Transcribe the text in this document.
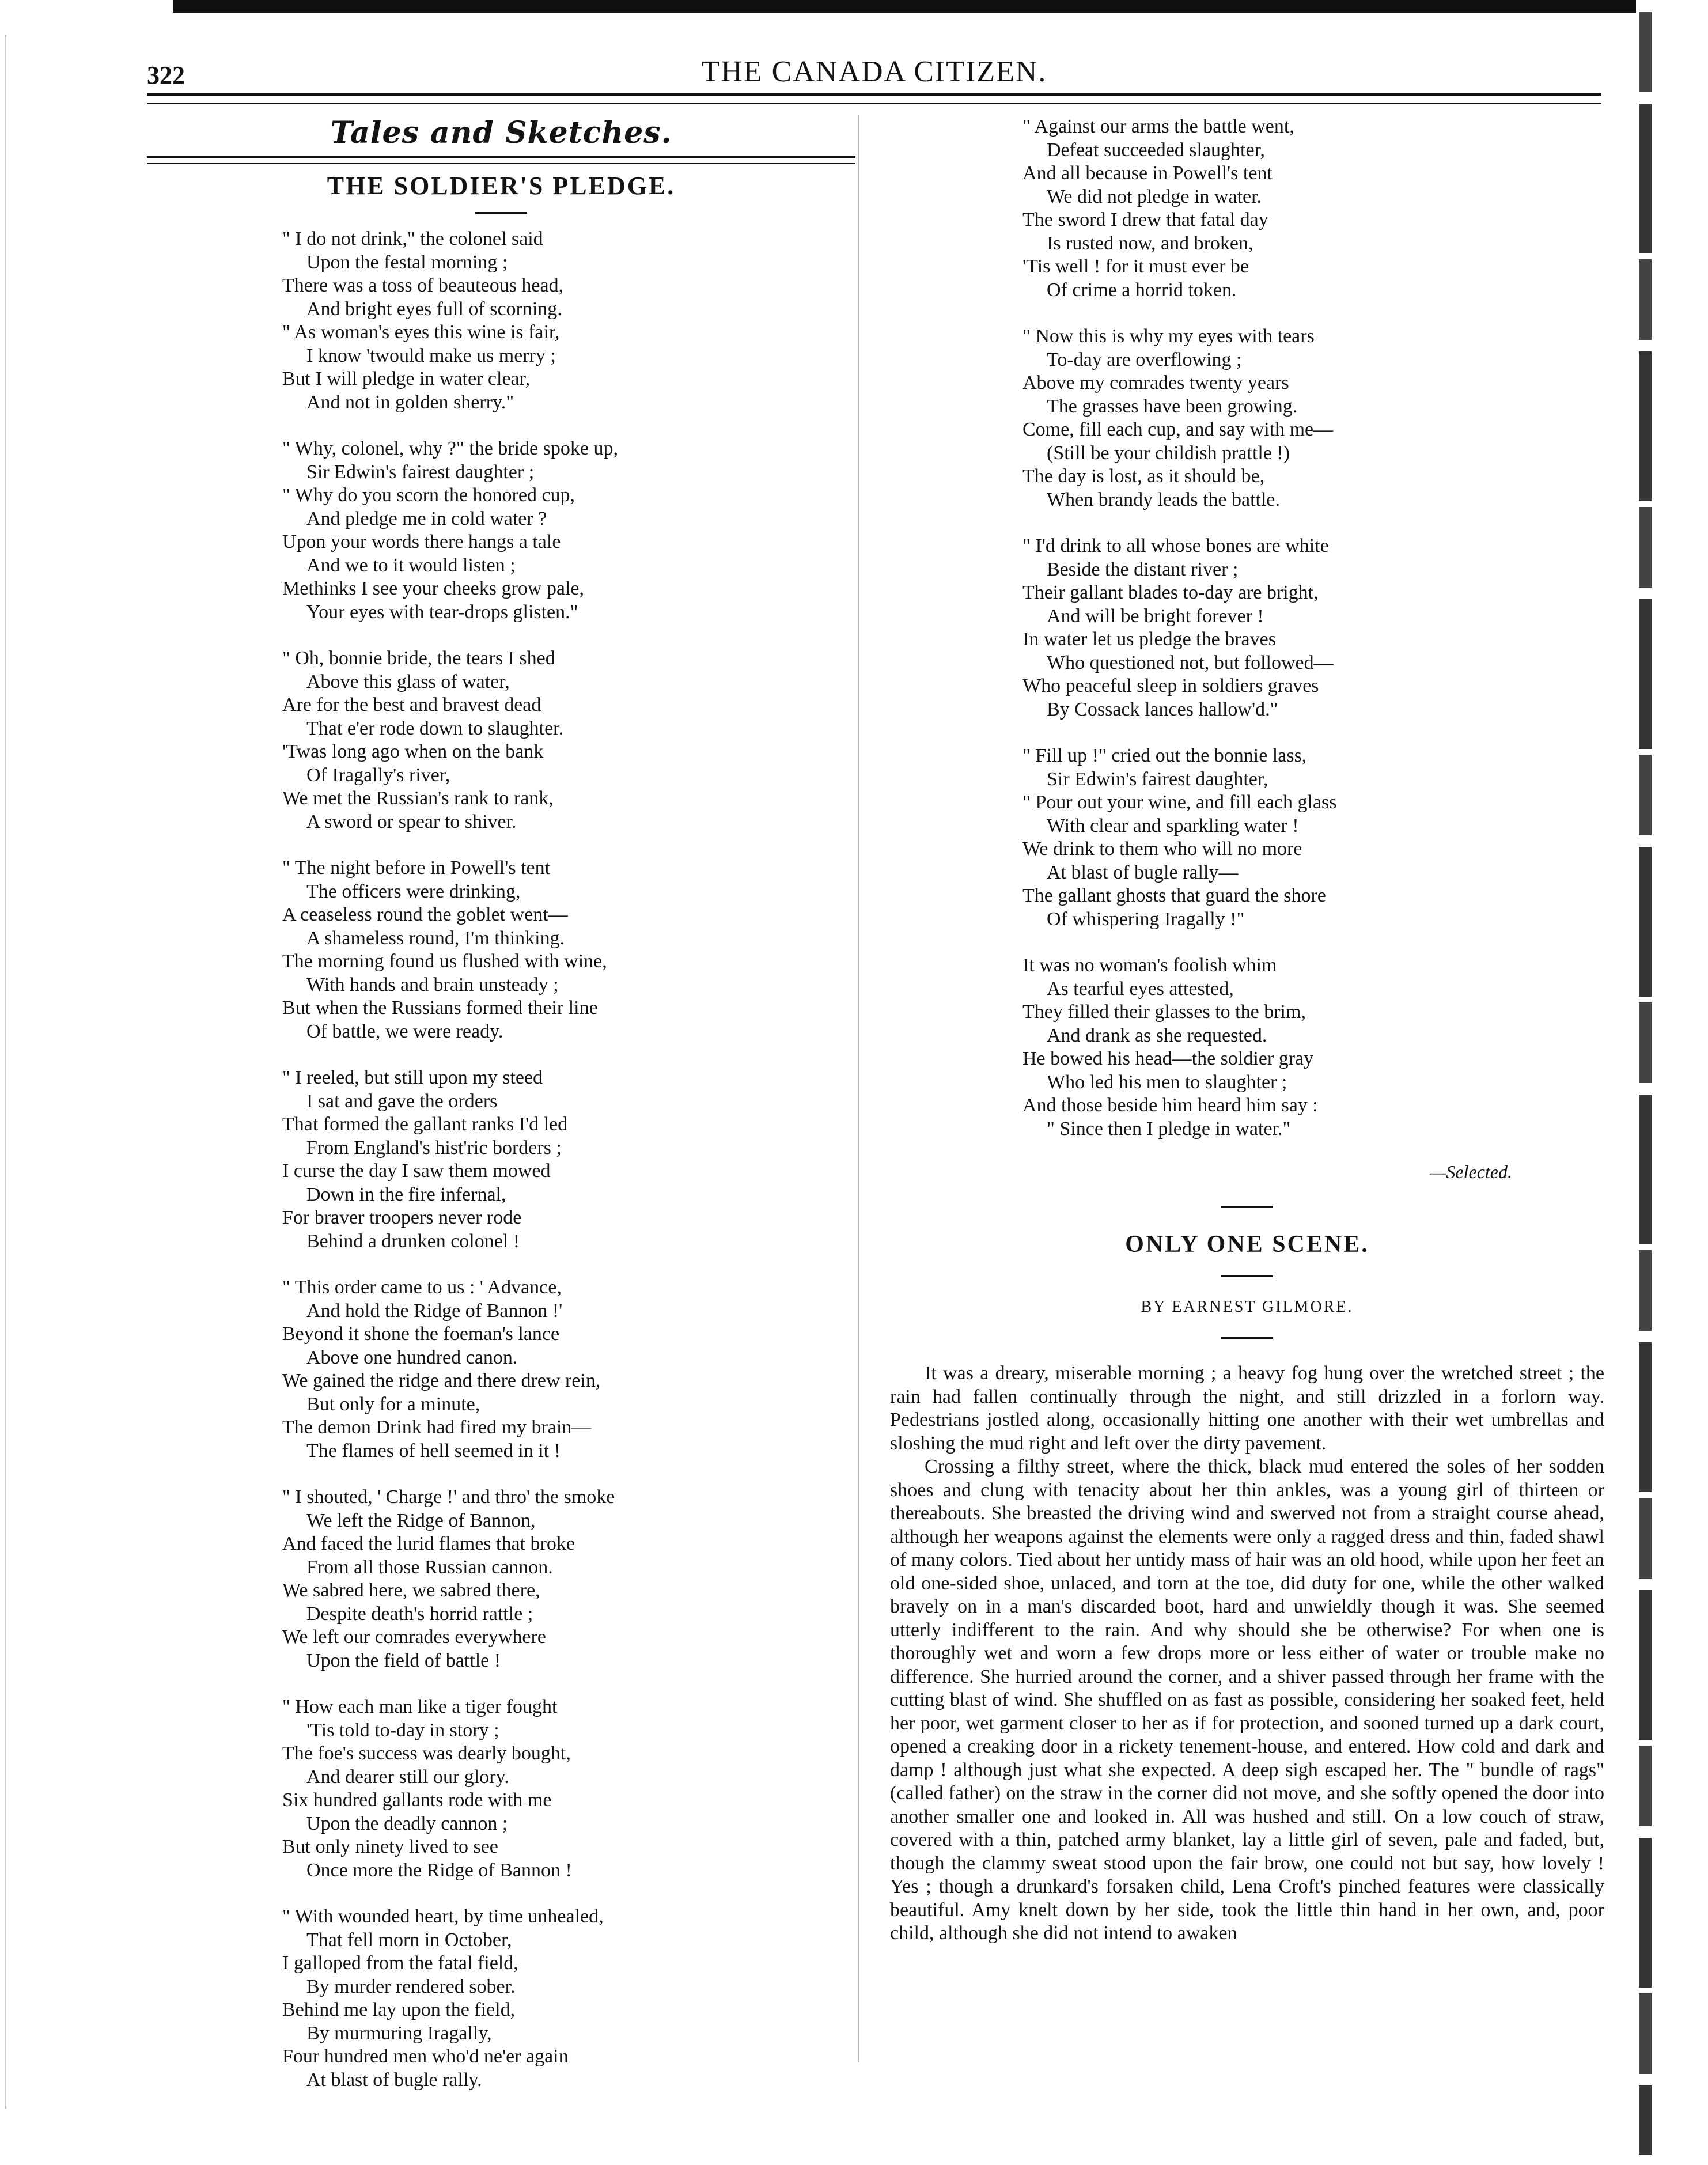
322	THE CANADA CITIZEN.
Tales and Sketches.
THE SOLDIER'S PLEDGE.
" I do not drink," the colonel said
Upon the festal morning ;
There was a toss of beauteous head,
And bright eyes full of scorning.
" As woman's eyes this wine is fair,
I know 'twould make us merry ;
But I will pledge in water clear,
And not in golden sherry."
" Why, colonel, why ?" the bride spoke up,
Sir Edwin's fairest daughter ;
" Why do you scorn the honored cup,
And pledge me in cold water ?
Upon your words there hangs a tale
And we to it would listen ;
Methinks I see your cheeks grow pale,
Your eyes with tear-drops glisten."
" Oh, bonnie bride, the tears I shed
Above this glass of water,
Are for the best and bravest dead
That e'er rode down to slaughter.
'Twas long ago when on the bank
Of Iragally's river,
We met the Russian's rank to rank,
A sword or spear to shiver.
" The night before in Powell's tent
The officers were drinking,
A ceaseless round the goblet went—
A shameless round, I'm thinking.
The morning found us flushed with wine,
With hands and brain unsteady ;
But when the Russians formed their line
Of battle, we were ready.
" I reeled, but still upon my steed
I sat and gave the orders
That formed the gallant ranks I'd led
From England's hist'ric borders ;
I curse the day I saw them mowed
Down in the fire infernal,
For braver troopers never rode
Behind a drunken colonel !
" This order came to us : ' Advance,
And hold the Ridge of Bannon !'
Beyond it shone the foeman's lance
Above one hundred canon.
We gained the ridge and there drew rein,
But only for a minute,
The demon Drink had fired my brain—
The flames of hell seemed in it !
" I shouted, ' Charge !' and thro' the smoke
We left the Ridge of Bannon,
And faced the lurid flames that broke
From all those Russian cannon.
We sabred here, we sabred there,
Despite death's horrid rattle ;
We left our comrades everywhere
Upon the field of battle !
" How each man like a tiger fought
'Tis told to-day in story ;
The foe's success was dearly bought,
And dearer still our glory.
Six hundred gallants rode with me
Upon the deadly cannon ;
But only ninety lived to see
Once more the Ridge of Bannon !
" With wounded heart, by time unhealed,
That fell morn in October,
I galloped from the fatal field,
By murder rendered sober.
Behind me lay upon the field,
By murmuring Iragally,
Four hundred men who'd ne'er again
At blast of bugle rally.
" Against our arms the battle went,
Defeat succeeded slaughter,
And all because in Powell's tent
We did not pledge in water.
The sword I drew that fatal day
Is rusted now, and broken,
'Tis well ! for it must ever be
Of crime a horrid token.
" Now this is why my eyes with tears
To-day are overflowing ;
Above my comrades twenty years
The grasses have been growing.
Come, fill each cup, and say with me—
(Still be your childish prattle !)
The day is lost, as it should be,
When brandy leads the battle.
" I'd drink to all whose bones are white
Beside the distant river ;
Their gallant blades to-day are bright,
And will be bright forever !
In water let us pledge the braves
Who questioned not, but followed—
Who peaceful sleep in soldiers graves
By Cossack lances hallow'd."
" Fill up !" cried out the bonnie lass,
Sir Edwin's fairest daughter,
" Pour out your wine, and fill each glass
With clear and sparkling water !
We drink to them who will no more
At blast of bugle rally—
The gallant ghosts that guard the shore
Of whispering Iragally !"
It was no woman's foolish whim
As tearful eyes attested,
They filled their glasses to the brim,
And drank as she requested.
He bowed his head—the soldier gray
Who led his men to slaughter ;
And those beside him heard him say :
" Since then I pledge in water."
—Selected.
ONLY ONE SCENE.

BY EARNEST GILMORE.

It was a dreary, miserable morning ; a heavy fog hung over the wretched street ; the rain had fallen continually through the night, and still drizzled in a forlorn way. Pedestrians jostled along, occasionally hitting one another with their wet umbrellas and sloshing the mud right and left over the dirty pavement.

Crossing a filthy street, where the thick, black mud entered the soles of her sodden shoes and clung with tenacity about her thin ankles, was a young girl of thirteen or thereabouts. She breasted the driving wind and swerved not from a straight course ahead, although her weapons against the elements were only a ragged dress and thin, faded shawl of many colors. Tied about her untidy mass of hair was an old hood, while upon her feet an old one-sided shoe, unlaced, and torn at the toe, did duty for one, while the other walked bravely on in a man's discarded boot, hard and unwieldly though it was. She seemed utterly indifferent to the rain. And why should she be otherwise? For when one is thoroughly wet and worn a few drops more or less either of water or trouble make no difference. She hurried around the corner, and a shiver passed through her frame with the cutting blast of wind. She shuffled on as fast as possible, considering her soaked feet, held her poor, wet garment closer to her as if for protection, and sooned turned up a dark court, opened a creaking door in a rickety tenement-house, and entered. How cold and dark and damp ! although just what she expected. A deep sigh escaped her. The " bundle of rags" (called father) on the straw in the corner did not move, and she softly opened the door into another smaller one and looked in. All was hushed and still. On a low couch of straw, covered with a thin, patched army blanket, lay a little girl of seven, pale and faded, but, though the clammy sweat stood upon the fair brow, one could not but say, how lovely ! Yes ; though a drunkard's forsaken child, Lena Croft's pinched features were classically beautiful. Amy knelt down by her side, took the little thin hand in her own, and, poor child, although she did not intend to awaken
